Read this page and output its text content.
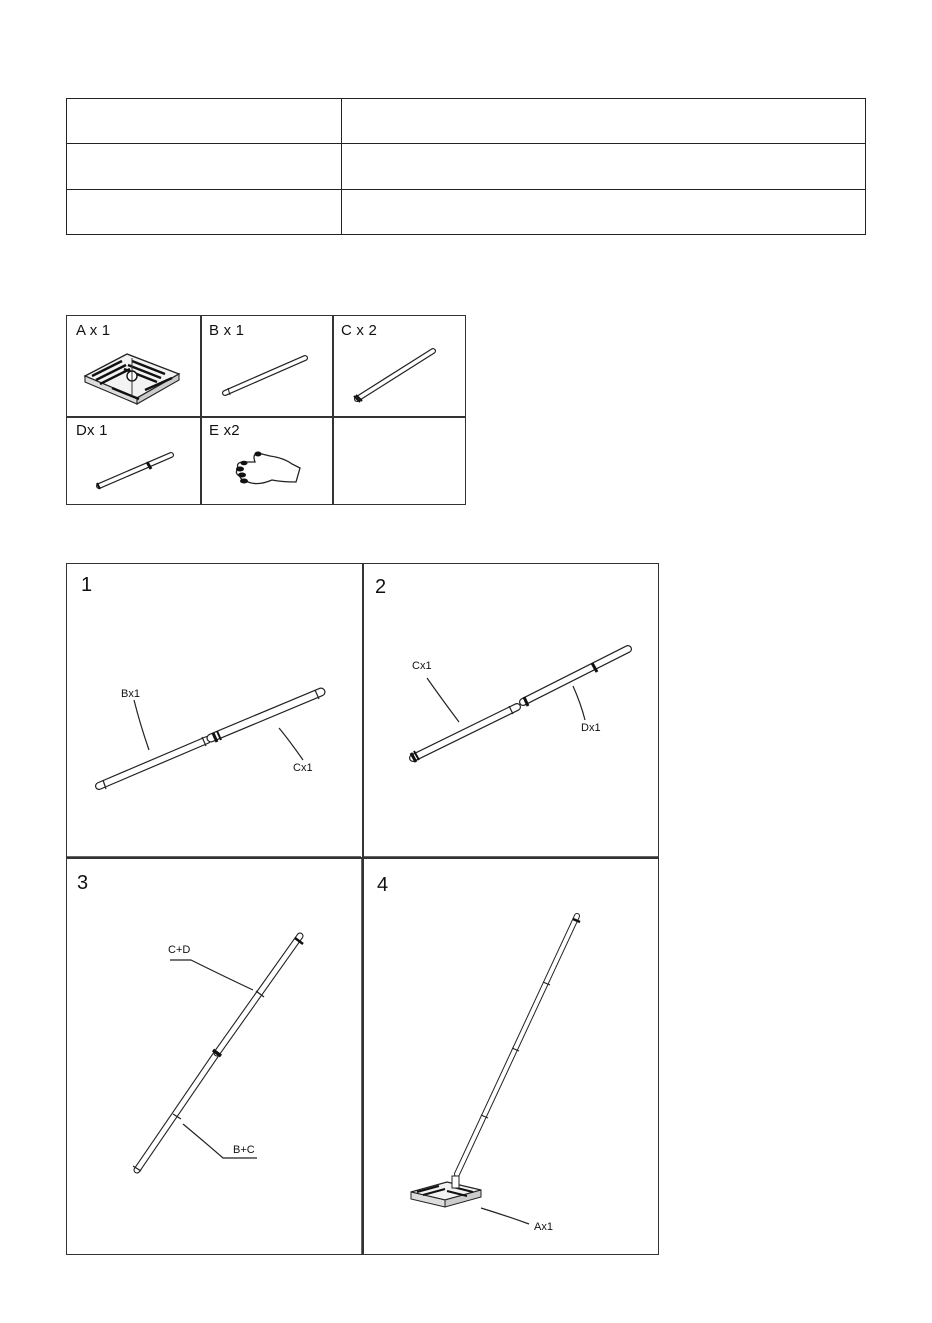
A x 1	B x 1	C x 2
Dx 1	E x2
1	2
3	4
Bx1
Cx1
Cx1
Dx1
C+D
B+C
Ax1
